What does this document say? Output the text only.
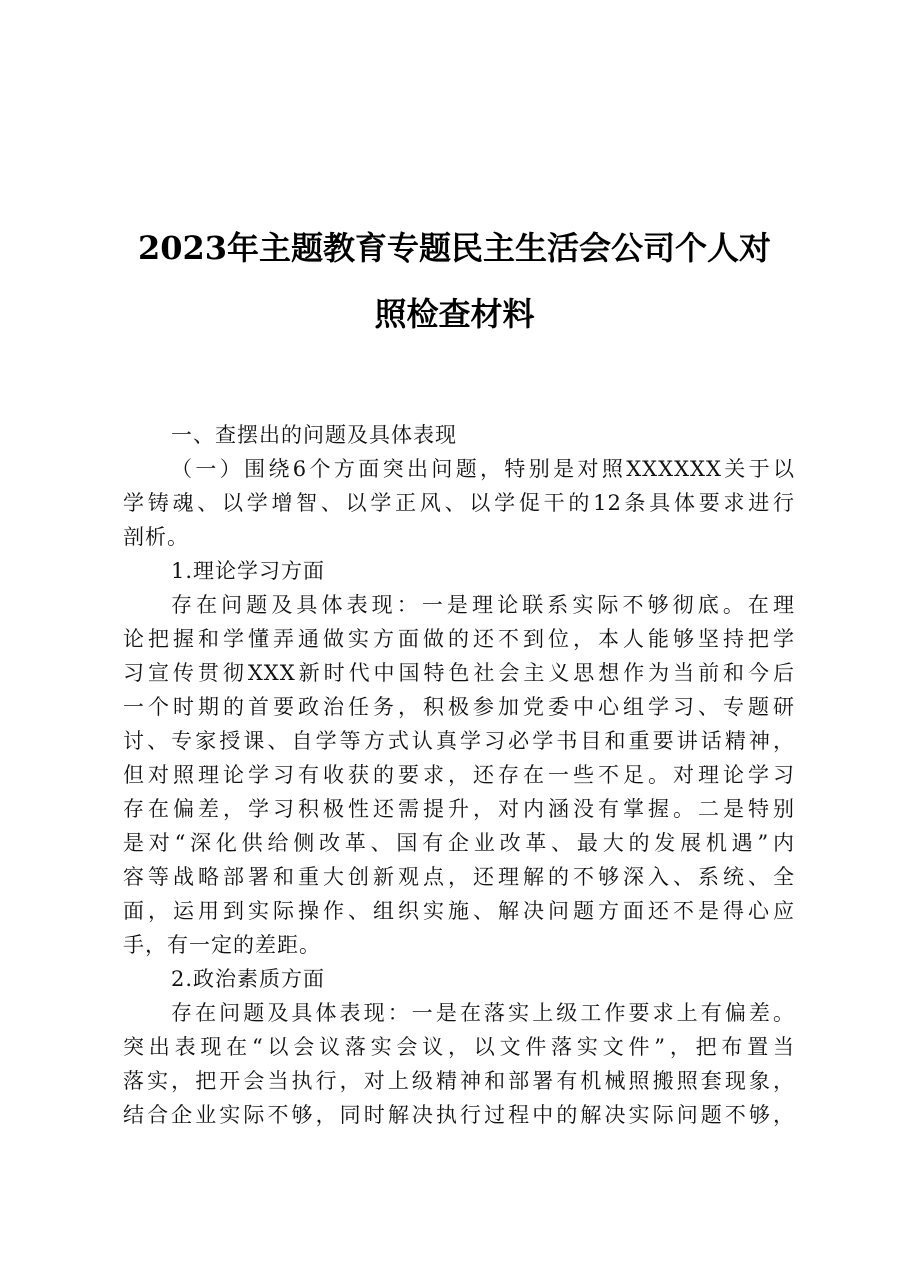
2023年主题教育专题民主生活会公司个人对
照检查材料
一、查摆出的问题及具体表现
（一）围绕6个方面突出问题，特别是对照XXXXXX关于以
学铸魂、以学增智、以学正风、以学促干的12条具体要求进行
剖析。
1.理论学习方面
存在问题及具体表现：一是理论联系实际不够彻底。在理
论把握和学懂弄通做实方面做的还不到位，本人能够坚持把学
习宣传贯彻XXX新时代中国特色社会主义思想作为当前和今后
一个时期的首要政治任务，积极参加党委中心组学习、专题研
讨、专家授课、自学等方式认真学习必学书目和重要讲话精神，
但对照理论学习有收获的要求，还存在一些不足。对理论学习
存在偏差，学习积极性还需提升，对内涵没有掌握。二是特别
是对“深化供给侧改革、国有企业改革、最大的发展机遇”内
容等战略部署和重大创新观点，还理解的不够深入、系统、全
面，运用到实际操作、组织实施、解决问题方面还不是得心应
手，有一定的差距。
2.政治素质方面
存在问题及具体表现：一是在落实上级工作要求上有偏差。
突出表现在“以会议落实会议，以文件落实文件”，把布置当
落实，把开会当执行，对上级精神和部署有机械照搬照套现象，
结合企业实际不够，同时解决执行过程中的解决实际问题不够，
